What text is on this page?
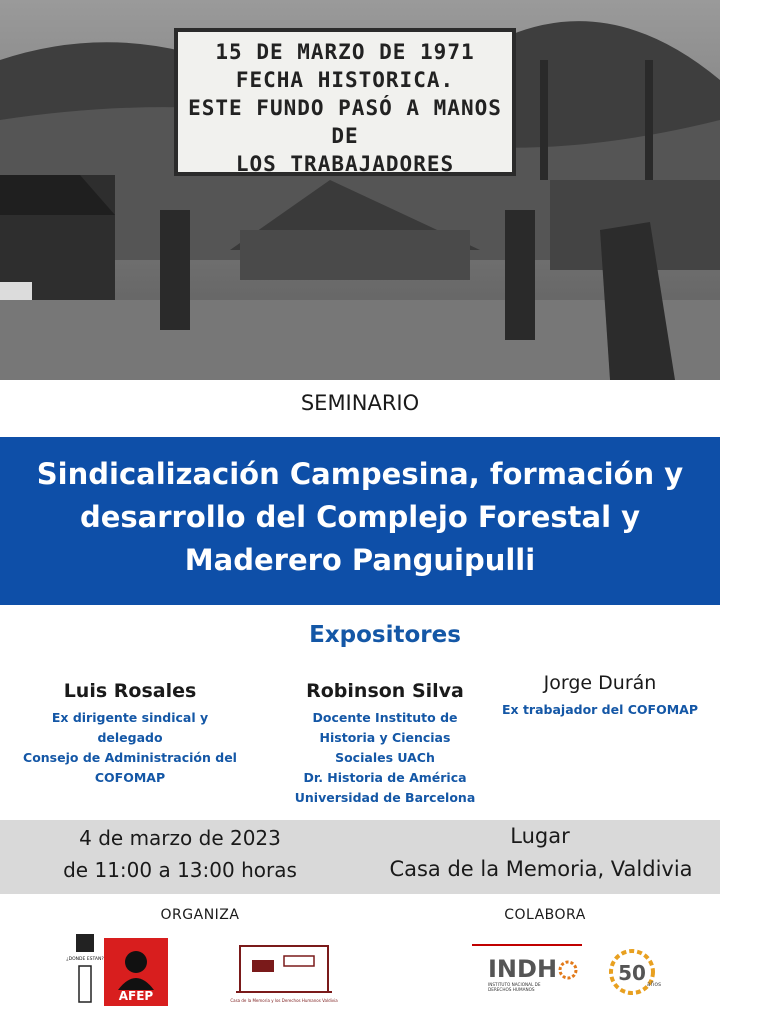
15 DE MARZO DE 1971
FECHA HISTORICA.
ESTE FUNDO PASÓ A MANOS
DE
LOS TRABAJADORES
SEMINARIO
Sindicalización Campesina, formación y
desarrollo del Complejo Forestal y
Maderero Panguipulli
Expositores
Luis Rosales
Ex dirigente sindical y delegado
Consejo de Administración del
COFOMAP
Robinson Silva
Docente Instituto de
Historia y Ciencias
Sociales UACh
Dr. Historia de América
Universidad de Barcelona
Jorge Durán
Ex trabajador del COFOMAP
4 de marzo de 2023
de 11:00 a 13:00 horas
Lugar
Casa de la Memoria, Valdivia
ORGANIZA	COLABORA
¿DONDE ESTAN?
AFEP	Casa de la Memoria y los Derechos Humanos Valdivia
INDH
INSTITUTO NACIONAL DE
DERECHOS HUMANOS
50 años
